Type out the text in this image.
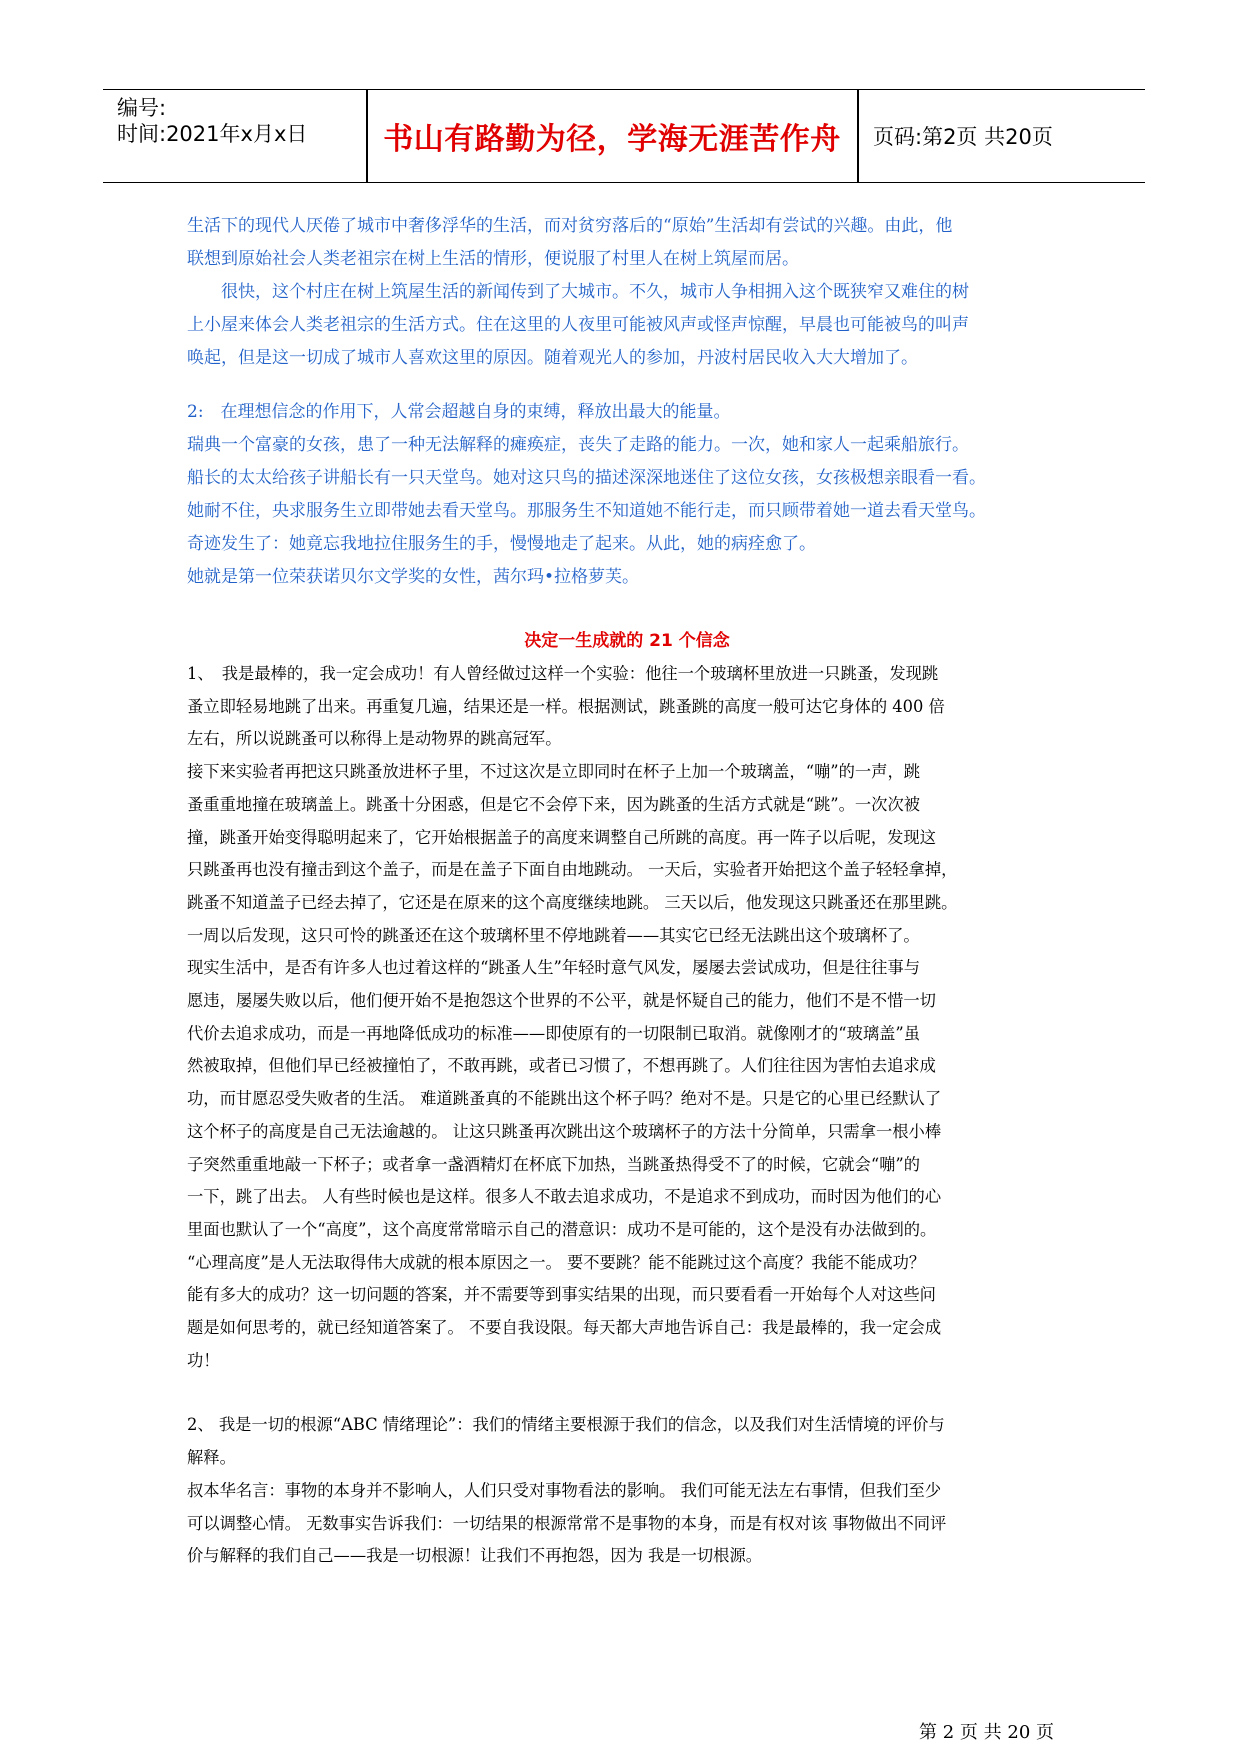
编号:
时间:2021年x月x日	书山有路勤为径，学海无涯苦作舟	页码:第2页 共20页

生活下的现代人厌倦了城市中奢侈浮华的生活，而对贫穷落后的“原始”生活却有尝试的兴趣。由此，他

联想到原始社会人类老祖宗在树上生活的情形，便说服了村里人在树上筑屋而居。

　　很快，这个村庄在树上筑屋生活的新闻传到了大城市。不久，城市人争相拥入这个既狭窄又难住的树

上小屋来体会人类老祖宗的生活方式。住在这里的人夜里可能被风声或怪声惊醒，早晨也可能被鸟的叫声

唤起，但是这一切成了城市人喜欢这里的原因。随着观光人的参加，丹波村居民收入大大增加了。

2:　在理想信念的作用下，人常会超越自身的束缚，释放出最大的能量。

瑞典一个富豪的女孩，患了一种无法解释的瘫痪症，丧失了走路的能力。一次，她和家人一起乘船旅行。

船长的太太给孩子讲船长有一只天堂鸟。她对这只鸟的描述深深地迷住了这位女孩，女孩极想亲眼看一看。

她耐不住，央求服务生立即带她去看天堂鸟。那服务生不知道她不能行走，而只顾带着她一道去看天堂鸟。

奇迹发生了：她竟忘我地拉住服务生的手，慢慢地走了起来。从此，她的病痊愈了。

她就是第一位荣获诺贝尔文学奖的女性，茜尔玛•拉格萝芙。

决定一生成就的 21 个信念

1、　我是最棒的，我一定会成功！有人曾经做过这样一个实验：他往一个玻璃杯里放进一只跳蚤，发现跳

蚤立即轻易地跳了出来。再重复几遍，结果还是一样。根据测试，跳蚤跳的高度一般可达它身体的 400 倍

左右，所以说跳蚤可以称得上是动物界的跳高冠军。

接下来实验者再把这只跳蚤放进杯子里，不过这次是立即同时在杯子上加一个玻璃盖，“嘣”的一声，跳

蚤重重地撞在玻璃盖上。跳蚤十分困惑，但是它不会停下来，因为跳蚤的生活方式就是“跳”。一次次被

撞，跳蚤开始变得聪明起来了，它开始根据盖子的高度来调整自己所跳的高度。再一阵子以后呢，发现这

只跳蚤再也没有撞击到这个盖子，而是在盖子下面自由地跳动。 一天后，实验者开始把这个盖子轻轻拿掉，

跳蚤不知道盖子已经去掉了，它还是在原来的这个高度继续地跳。 三天以后，他发现这只跳蚤还在那里跳。

一周以后发现，这只可怜的跳蚤还在这个玻璃杯里不停地跳着——其实它已经无法跳出这个玻璃杯了。

现实生活中，是否有许多人也过着这样的“跳蚤人生”年轻时意气风发，屡屡去尝试成功，但是往往事与

愿违，屡屡失败以后，他们便开始不是抱怨这个世界的不公平，就是怀疑自己的能力，他们不是不惜一切

代价去追求成功，而是一再地降低成功的标准——即使原有的一切限制已取消。就像刚才的“玻璃盖”虽

然被取掉，但他们早已经被撞怕了，不敢再跳，或者已习惯了，不想再跳了。人们往往因为害怕去追求成

功，而甘愿忍受失败者的生活。 难道跳蚤真的不能跳出这个杯子吗？绝对不是。只是它的心里已经默认了

这个杯子的高度是自己无法逾越的。 让这只跳蚤再次跳出这个玻璃杯子的方法十分简单，只需拿一根小棒

子突然重重地敲一下杯子；或者拿一盏酒精灯在杯底下加热，当跳蚤热得受不了的时候，它就会“嘣”的

一下，跳了出去。 人有些时候也是这样。很多人不敢去追求成功，不是追求不到成功，而时因为他们的心

里面也默认了一个“高度”，这个高度常常暗示自己的潜意识：成功不是可能的，这个是没有办法做到的。

“心理高度”是人无法取得伟大成就的根本原因之一。 要不要跳？能不能跳过这个高度？我能不能成功？

能有多大的成功？这一切问题的答案，并不需要等到事实结果的出现，而只要看看一开始每个人对这些问

题是如何思考的，就已经知道答案了。 不要自我设限。每天都大声地告诉自己：我是最棒的，我一定会成

功！

2、 我是一切的根源“ABC 情绪理论”：我们的情绪主要根源于我们的信念，以及我们对生活情境的评价与

解释。

叔本华名言：事物的本身并不影响人，人们只受对事物看法的影响。 我们可能无法左右事情，但我们至少

可以调整心情。 无数事实告诉我们：一切结果的根源常常不是事物的本身，而是有权对该 事物做出不同评

价与解释的我们自己——我是一切根源！让我们不再抱怨，因为 我是一切根源。

第 2 页 共 20 页
